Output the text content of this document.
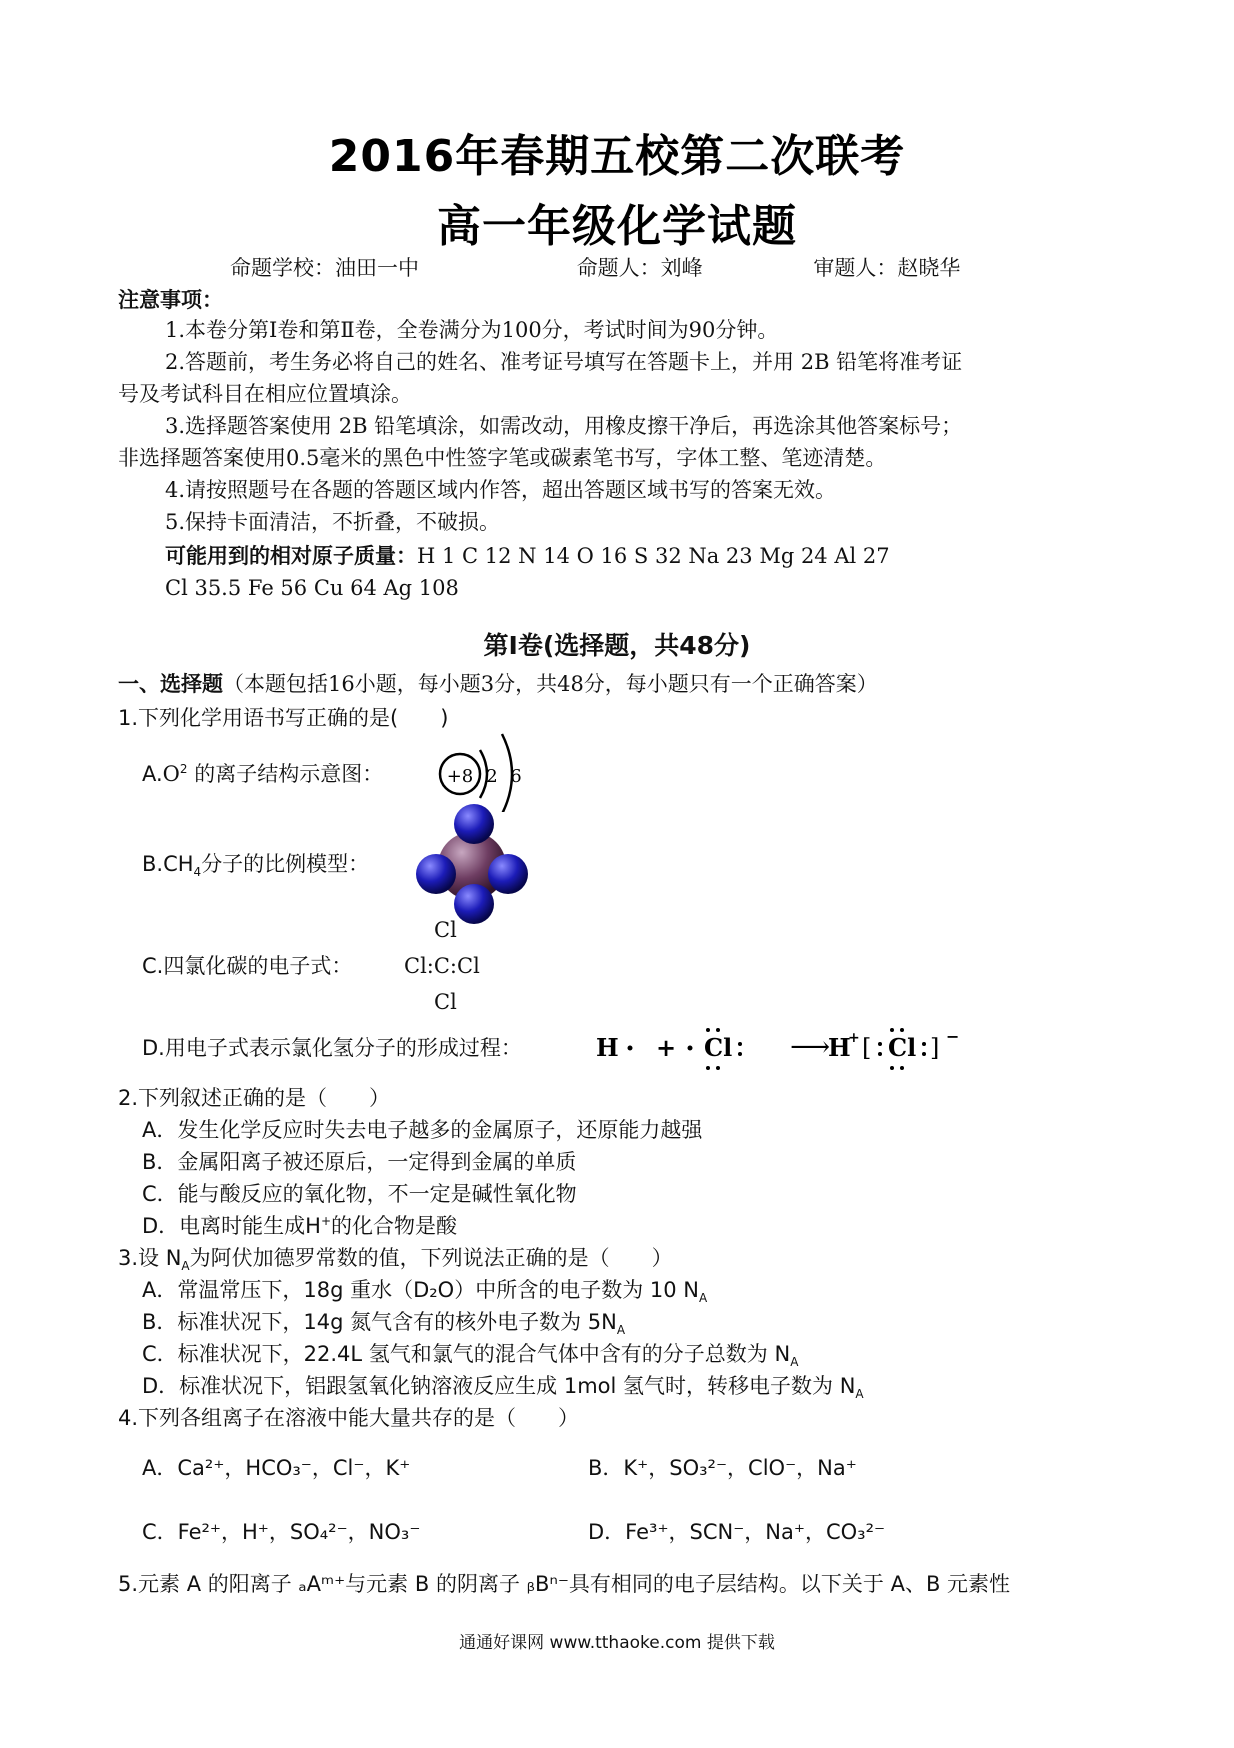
2016年春期五校第二次联考
高一年级化学试题
命题学校：油田一中	命题人：刘峰	审题人：赵晓华
注意事项：
1.本卷分第Ⅰ卷和第Ⅱ卷，全卷满分为100分，考试时间为90分钟。
2.答题前，考生务必将自己的姓名、准考证号填写在答题卡上，并用 2B 铅笔将准考证
号及考试科目在相应位置填涂。
3.选择题答案使用 2B 铅笔填涂，如需改动，用橡皮擦干净后，再选涂其他答案标号；
非选择题答案使用0.5毫米的黑色中性签字笔或碳素笔书写，字体工整、笔迹清楚。
4.请按照题号在各题的答题区域内作答，超出答题区域书写的答案无效。
5.保持卡面清洁，不折叠，不破损。
可能用到的相对原子质量：H 1 C 12 N 14 O 16 S 32 Na 23 Mg 24 Al 27
Cl 35.5 Fe 56 Cu 64 Ag 108
第Ⅰ卷(选择题，共48分)
一、选择题（本题包括16小题，每小题3分，共48分，每小题只有一个正确答案）
1.下列化学用语书写正确的是(　　)
$A.O^2$ 的离子结构示意图：	+8 2 6
$B.CH_4$分子的比例模型：
C.四氯化碳的电子式：
Cl
Cl:C:Cl
Cl
D.用电子式表示氯化氢分子的形成过程：	H + Cl ⟶
H
+ [ Cl ] −
2.下列叙述正确的是（　　）
A．发生化学反应时失去电子越多的金属原子，还原能力越强
B．金属阳离子被还原后，一定得到金属的单质
C．能与酸反应的氧化物，不一定是碱性氧化物
D．电离时能生成H+的化合物是酸
3.设 $N_A$为阿伏加德罗常数的值，下列说法正确的是（　　）
A．常温常压下，18g 重水（D₂O）中所含的电子数为 10 $N_A$
B．标准状况下，14g 氮气含有的核外电子数为 $5N_A$
C．标准状况下，22.4L 氢气和氯气的混合气体中含有的分子总数为 $N_A$
D．标准状况下，铝跟氢氧化钠溶液反应生成 1mol 氢气时，转移电子数为 $N_A$
4.下列各组离子在溶液中能大量共存的是（　　）
A．Ca²⁺，HCO₃⁻，Cl⁻，K⁺	B．K⁺，SO₃²⁻，ClO⁻，Na⁺
C．Fe²⁺，H⁺，SO₄²⁻，NO₃⁻	D．Fe³⁺，SCN⁻，Na⁺，CO₃²⁻
5.元素 A 的阳离子 ₐAᵐ⁺与元素 B 的阴离子 ᵦBⁿ⁻具有相同的电子层结构。以下关于 A、B 元素性
通通好课网 www.tthaoke.com 提供下载
